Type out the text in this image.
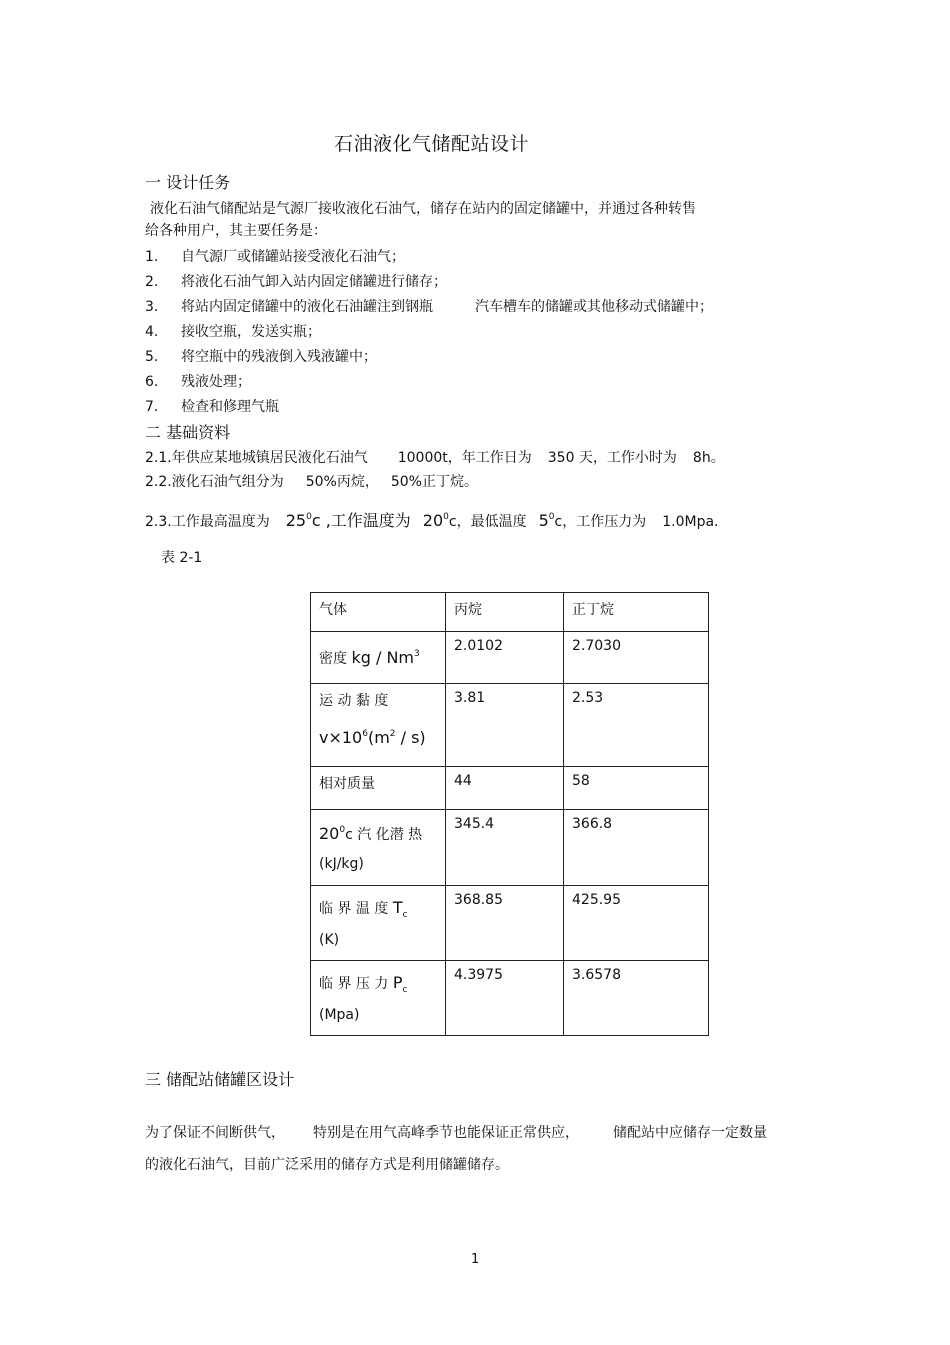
石油液化气储配站设计
一 设计任务
液化石油气储配站是气源厂接收液化石油气，储存在站内的固定储罐中，并通过各种转售
给各种用户，其主要任务是：
1. 自气源厂或储罐站接受液化石油气；
2. 将液化石油气卸入站内固定储罐进行储存；
3. 将站内固定储罐中的液化石油罐注到钢瓶	汽车槽车的储罐或其他移动式储罐中；
4. 接收空瓶，发送实瓶；
5. 将空瓶中的残液倒入残液罐中；
6. 残液处理；
7. 检查和修理气瓶
二 基础资料
2.1.年供应某地城镇居民液化石油气 10000t，年工作日为 350 天，工作小时为 8h。
2.2.液化石油气组分为 50%丙烷， 50%正丁烷。
2.3.工作最高温度为 $25^0c$ ,工作温度为 $20^0c$，最低温度 $5^0c$，工作压力为 1.0Mpa.
表 2-1
气体	丙烷	正丁烷
密度 kg / Nm$^3$	2.0102	2.7030

运 动 黏 度
$v\times 10^6(m^2 / s)$	3.81	2.53
相对质量	44	58

$20^0c$ 汽 化潜 热
(kJ/kg)	345.4	366.8

临 界 温 度 $T_c$
(K)	368.85	425.95

临 界 压 力 $P_c$
(Mpa)	4.3975	3.6578
三 储配站储罐区设计
为了保证不间断供气， 特别是在用气高峰季节也能保证正常供应， 储配站中应储存一定数量
的液化石油气，目前广泛采用的储存方式是利用储罐储存。
1
